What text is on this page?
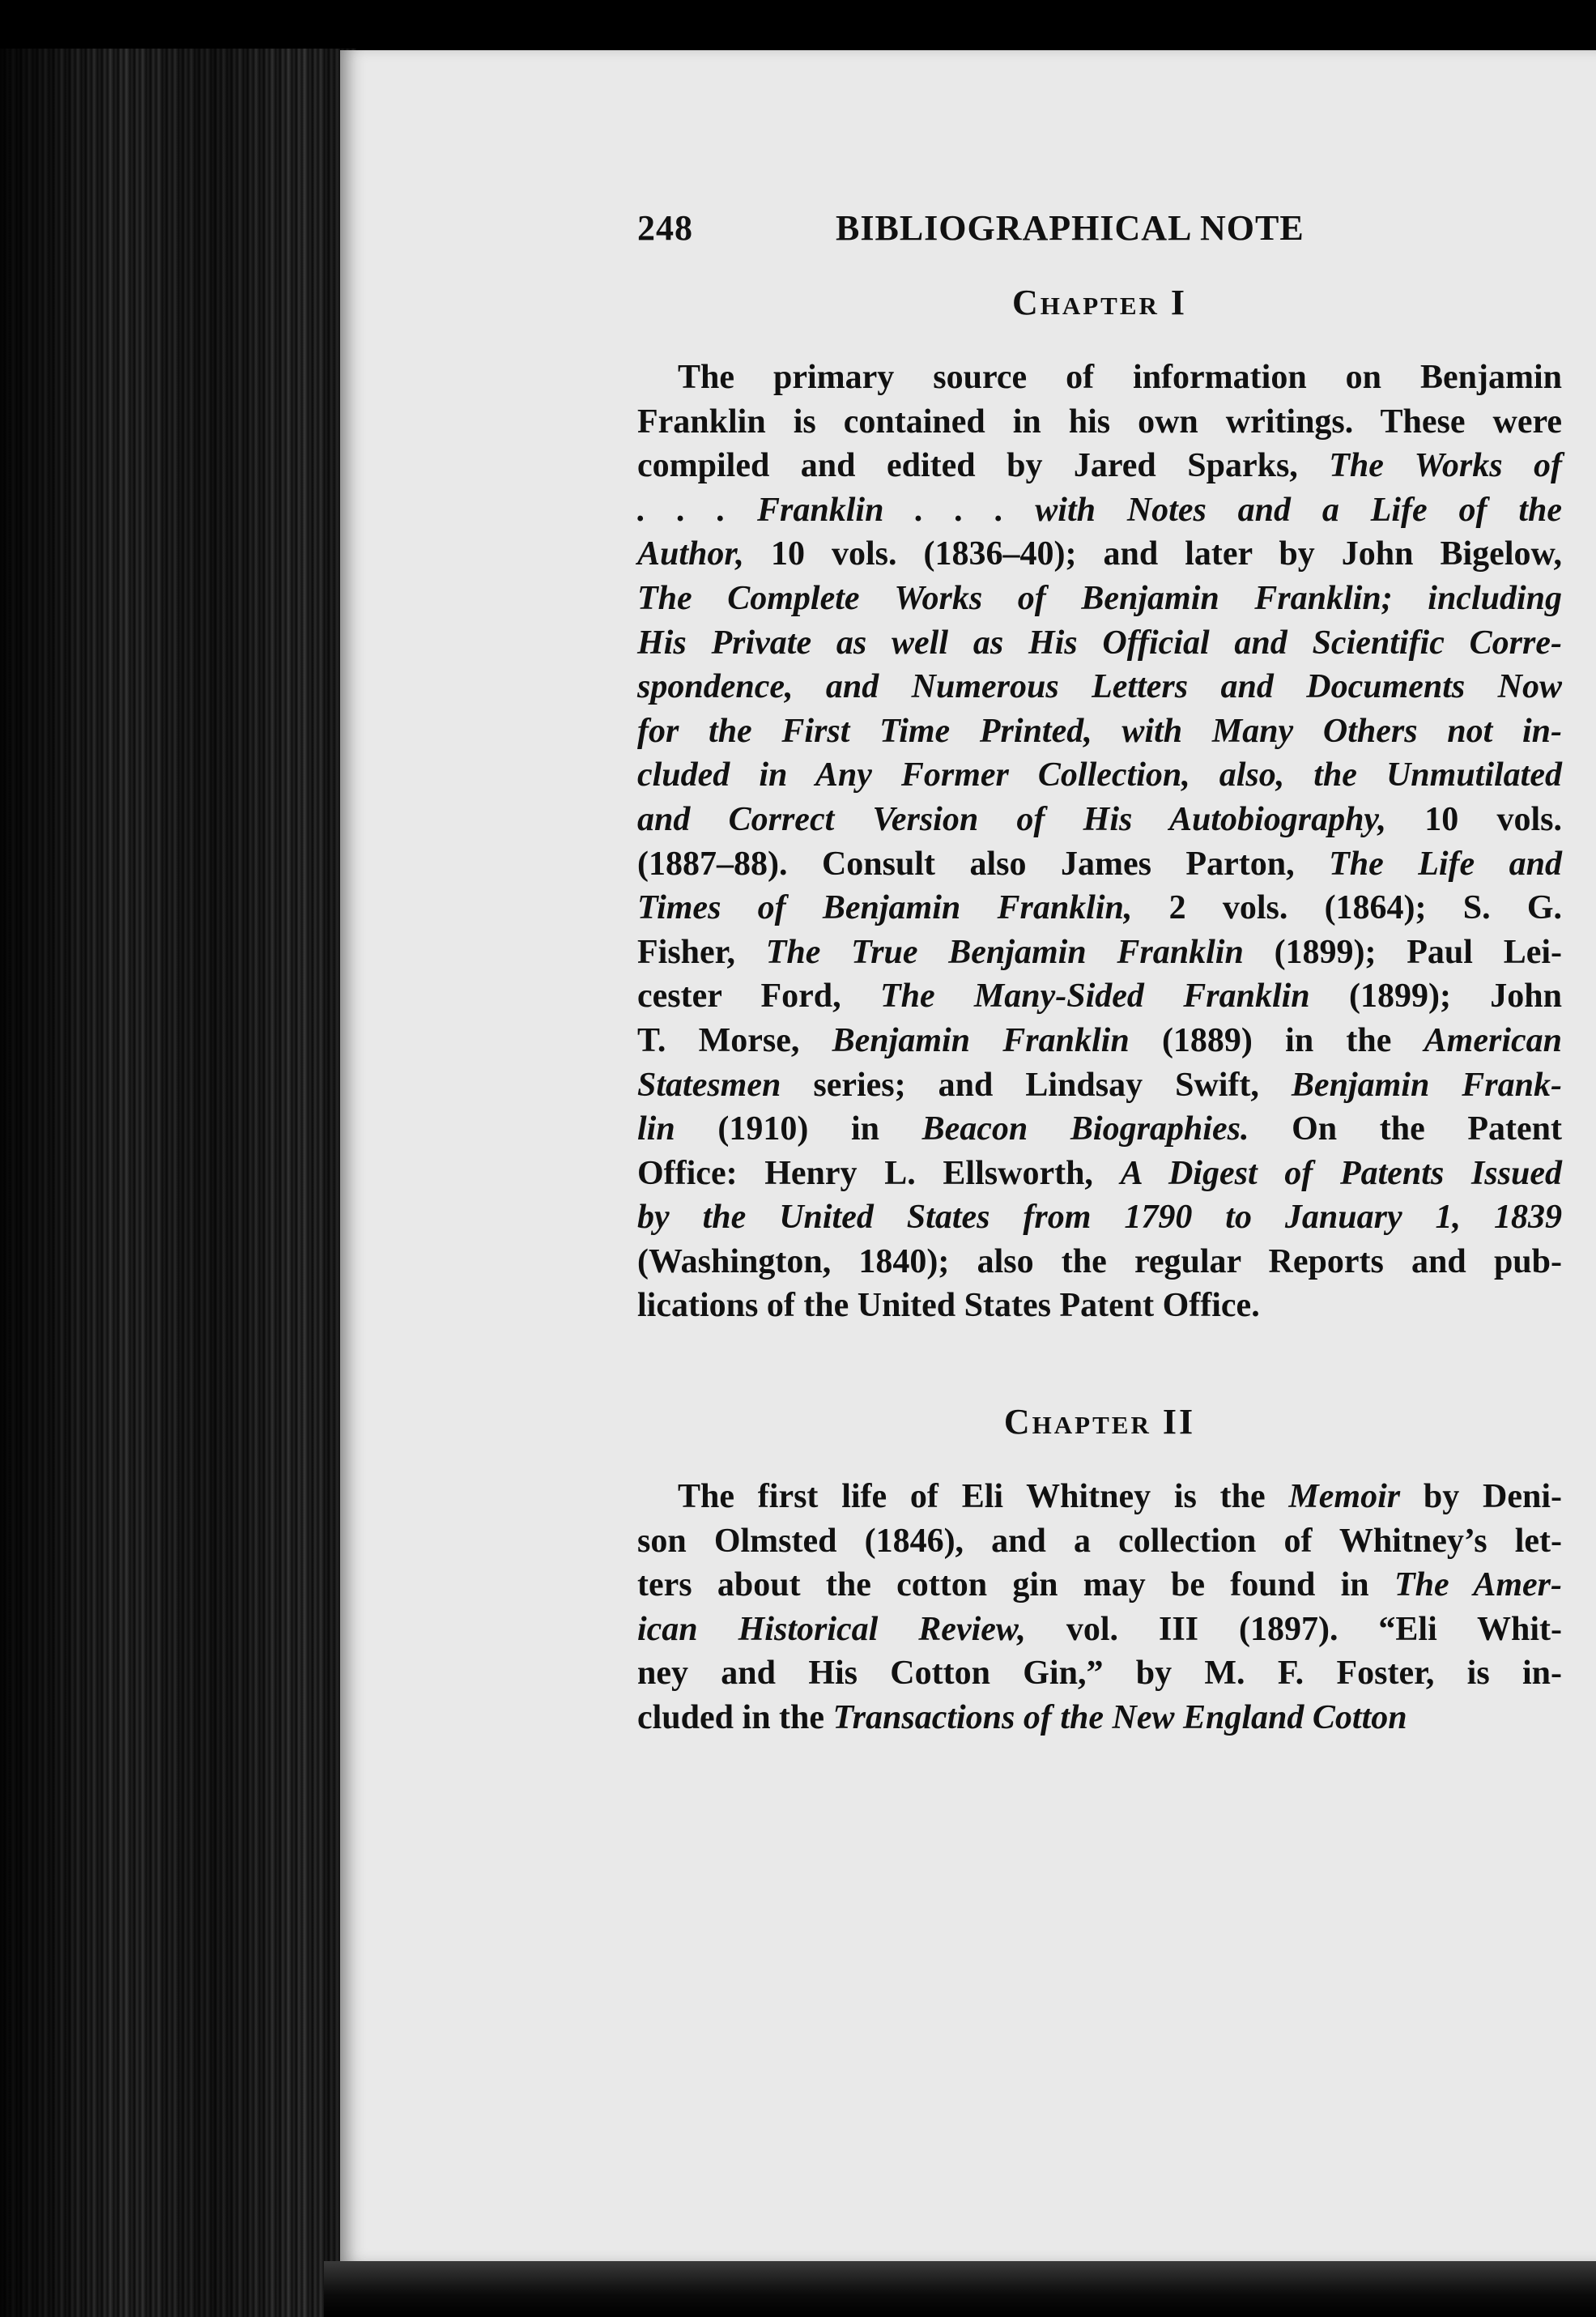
248	BIBLIOGRAPHICAL NOTE
Chapter I

The primary source of information on Benjamin
Franklin is contained in his own writings. These were
compiled and edited by Jared Sparks, The Works of
. . . Franklin . . . with Notes and a Life of the
Author, 10 vols. (1836–40); and later by John Bigelow,
The Complete Works of Benjamin Franklin; including
His Private as well as His Official and Scientific Corre-
spondence, and Numerous Letters and Documents Now
for the First Time Printed, with Many Others not in-
cluded in Any Former Collection, also, the Unmutilated
and Correct Version of His Autobiography, 10 vols.
(1887–88). Consult also James Parton, The Life and
Times of Benjamin Franklin, 2 vols. (1864); S. G.
Fisher, The True Benjamin Franklin (1899); Paul Lei-
cester Ford, The Many-Sided Franklin (1899); John
T. Morse, Benjamin Franklin (1889) in the American
Statesmen series; and Lindsay Swift, Benjamin Frank-
lin (1910) in Beacon Biographies. On the Patent
Office: Henry L. Ellsworth, A Digest of Patents Issued
by the United States from 1790 to January 1, 1839
(Washington, 1840); also the regular Reports and pub-
lications of the United States Patent Office.

Chapter II

The first life of Eli Whitney is the Memoir by Deni-
son Olmsted (1846), and a collection of Whitney’s let-
ters about the cotton gin may be found in The Amer-
ican Historical Review, vol. III (1897). “Eli Whit-
ney and His Cotton Gin,” by M. F. Foster, is in-
cluded in the Transactions of the New England Cotton
